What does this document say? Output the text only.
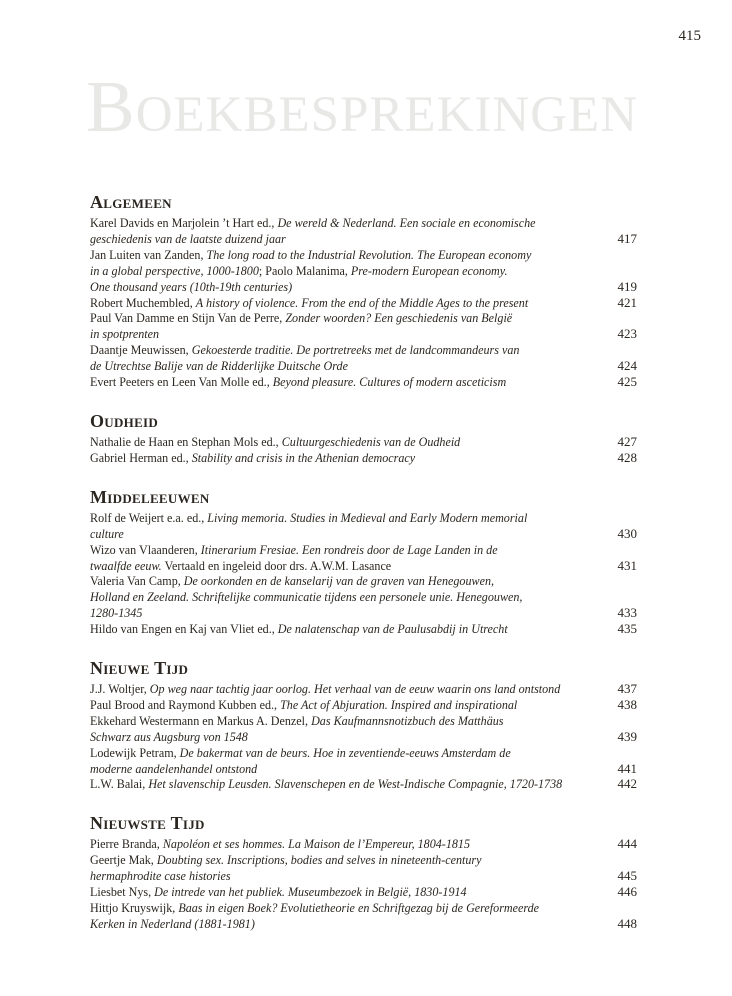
415
Boekbesprekingen
Algemeen
Karel Davids en Marjolein ’t Hart ed., De wereld & Nederland. Een sociale en economische
geschiedenis van de laatste duizend jaar	417
Jan Luiten van Zanden, The long road to the Industrial Revolution. The European economy
in a global perspective, 1000-1800; Paolo Malanima, Pre-modern European economy.
One thousand years (10th-19th centuries)	419
Robert Muchembled, A history of violence. From the end of the Middle Ages to the present	421
Paul Van Damme en Stijn Van de Perre, Zonder woorden? Een geschiedenis van België
in spotprenten	423
Daantje Meuwissen, Gekoesterde traditie. De portretreeks met de landcommandeurs van
de Utrechtse Balije van de Ridderlijke Duitsche Orde	424
Evert Peeters en Leen Van Molle ed., Beyond pleasure. Cultures of modern asceticism	425
Oudheid
Nathalie de Haan en Stephan Mols ed., Cultuurgeschiedenis van de Oudheid	427
Gabriel Herman ed., Stability and crisis in the Athenian democracy	428
Middeleeuwen
Rolf de Weijert e.a. ed., Living memoria. Studies in Medieval and Early Modern memorial
culture	430
Wizo van Vlaanderen, Itinerarium Fresiae. Een rondreis door de Lage Landen in de
twaalfde eeuw. Vertaald en ingeleid door drs. A.W.M. Lasance	431
Valeria Van Camp, De oorkonden en de kanselarij van de graven van Henegouwen,
Holland en Zeeland. Schriftelijke communicatie tijdens een personele unie. Henegouwen,
1280-1345	433
Hildo van Engen en Kaj van Vliet ed., De nalatenschap van de Paulusabdij in Utrecht	435
Nieuwe Tijd
J.J. Woltjer, Op weg naar tachtig jaar oorlog. Het verhaal van de eeuw waarin ons land ontstond	437
Paul Brood and Raymond Kubben ed., The Act of Abjuration. Inspired and inspirational	438
Ekkehard Westermann en Markus A. Denzel, Das Kaufmannsnotizbuch des Matthäus
Schwarz aus Augsburg von 1548	439
Lodewijk Petram, De bakermat van de beurs. Hoe in zeventiende-eeuws Amsterdam de
moderne aandelenhandel ontstond	441
L.W. Balai, Het slavenschip Leusden. Slavenschepen en de West-Indische Compagnie, 1720-1738	442
Nieuwste Tijd
Pierre Branda, Napoléon et ses hommes. La Maison de l’Empereur, 1804-1815	444
Geertje Mak, Doubting sex. Inscriptions, bodies and selves in nineteenth-century
hermaphrodite case histories	445
Liesbet Nys, De intrede van het publiek. Museumbezoek in België, 1830-1914	446
Hittjo Kruyswijk, Baas in eigen Boek? Evolutietheorie en Schriftgezag bij de Gereformeerde
Kerken in Nederland (1881-1981)	448
